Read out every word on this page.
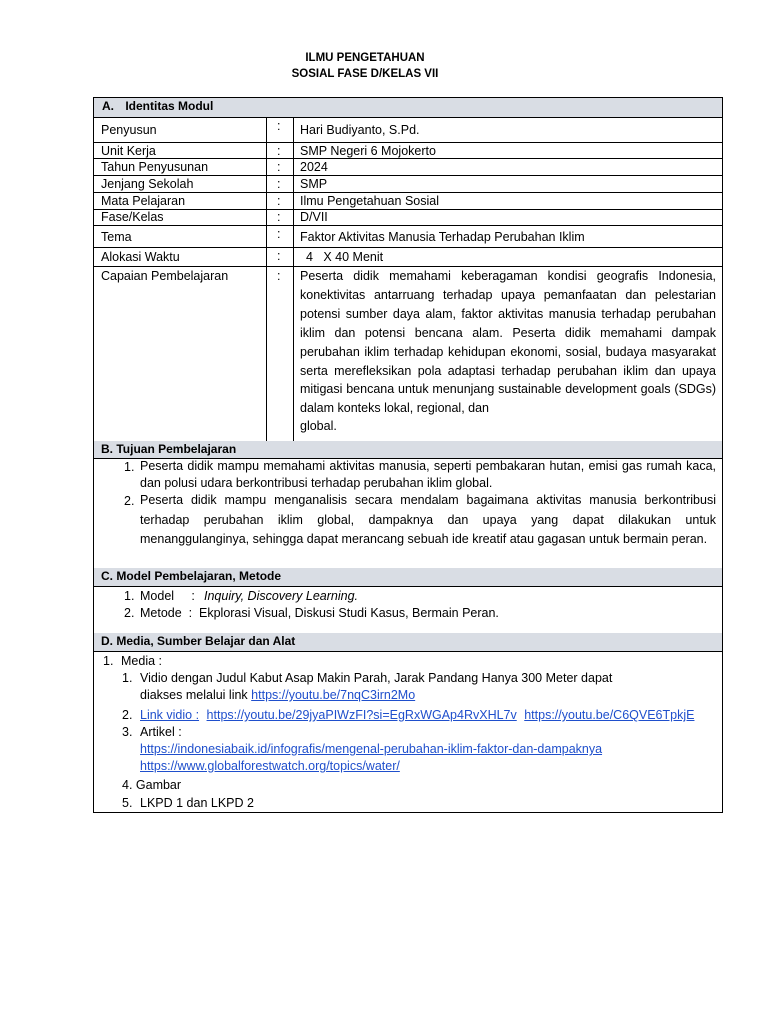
ILMU PENGETAHUAN
SOSIAL FASE D/KELAS VII
A. Identitas Modul
Penyusun
Unit Kerja
Tahun Penyusunan
Jenjang Sekolah
Mata Pelajaran
Fase/Kelas
Tema
Alokasi Waktu
Capaian Pembelajaran
:
:
:
:
:
:
:
:
:
Hari Budiyanto, S.Pd.
SMP Negeri 6 Mojokerto
2024
SMP
Ilmu Pengetahuan Sosial
D/VII
Faktor Aktivitas Manusia Terhadap Perubahan Iklim
4   X 40 Menit
Peserta didik memahami keberagaman kondisi geografis Indonesia, konektivitas antarruang terhadap upaya pemanfaatan dan pelestarian potensi sumber daya alam, faktor aktivitas manusia terhadap perubahan iklim dan potensi bencana alam. Peserta didik memahami dampak perubahan iklim terhadap kehidupan ekonomi, sosial, budaya masyarakat serta merefleksikan pola adaptasi terhadap perubahan iklim dan upaya mitigasi bencana untuk menunjang sustainable development goals (SDGs) dalam konteks lokal, regional, dan
global.
B. Tujuan Pembelajaran
1. Peserta didik mampu memahami aktivitas manusia, seperti pembakaran hutan, emisi gas rumah kaca, dan polusi udara berkontribusi terhadap perubahan iklim global.
2. Peserta didik mampu menganalisis secara mendalam bagaimana aktivitas manusia berkontribusi terhadap perubahan iklim global, dampaknya dan upaya yang dapat dilakukan untuk menanggulanginya, sehingga dapat merancang sebuah ide kreatif atau gagasan untuk bermain peran.
C. Model Pembelajaran, Metode
1. Model     : Inquiry, Discovery Learning.
2. Metode  : Ekplorasi Visual, Diskusi Studi Kasus, Bermain Peran.
D. Media, Sumber Belajar dan Alat
1. Media :
1. Vidio dengan Judul Kabut Asap Makin Parah, Jarak Pandang Hanya 300 Meter dapat
diakses melalui link https://youtu.be/7nqC3irn2Mo
2. Link vidio : https://youtu.be/29jyaPIWzFI?si=EgRxWGAp4RvXHL7v https://youtu.be/C6QVE6TpkjE
3. Artikel :
https://indonesiabaik.id/infografis/mengenal-perubahan-iklim-faktor-dan-dampaknya
https://www.globalforestwatch.org/topics/water/
4. Gambar
5. LKPD 1 dan LKPD 2
